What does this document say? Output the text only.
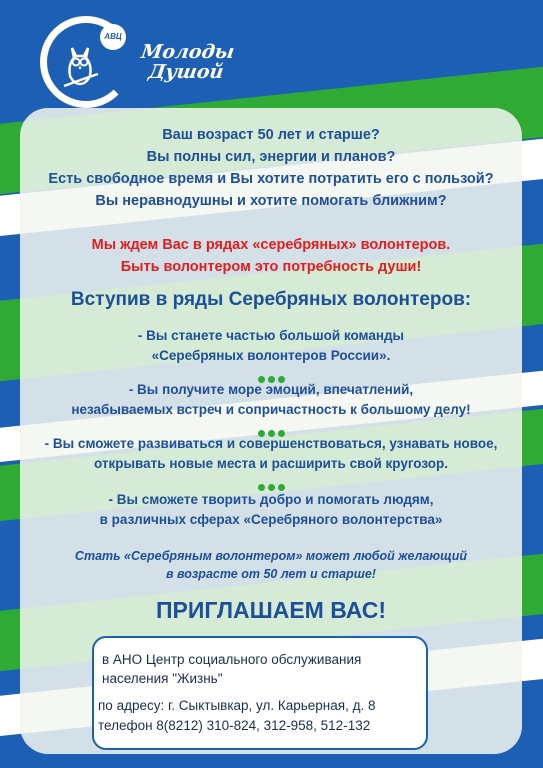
АВЦ
Молоды
Душой
Ваш возраст 50 лет и старше?
Вы полны сил, энергии и планов?
Есть свободное время и Вы хотите потратить его с пользой?
Вы неравнодушны и хотите помогать ближним?
Мы ждем Вас в рядах «серебряных» волонтеров.
Быть волонтером это потребность души!
Вступив в ряды Серебряных волонтеров:
- Вы станете частью большой команды
«Серебряных волонтеров России».
- Вы получите море эмоций, впечатлений,
незабываемых встреч и сопричастность к большому делу!
- Вы сможете развиваться и совершенствоваться, узнавать новое,
открывать новые места и расширить свой кругозор.
- Вы сможете творить добро и помогать людям,
в различных сферах «Серебряного волонтерства»
Стать «Серебряным волонтером» может любой желающий
в возрасте от 50 лет и старше!
ПРИГЛАШАЕМ ВАС!
в АНО Центр социального обслуживания
населения "Жизнь"
по адресу: г. Сыктывкар, ул. Карьерная, д. 8
телефон 8(8212) 310-824, 312-958, 512-132
